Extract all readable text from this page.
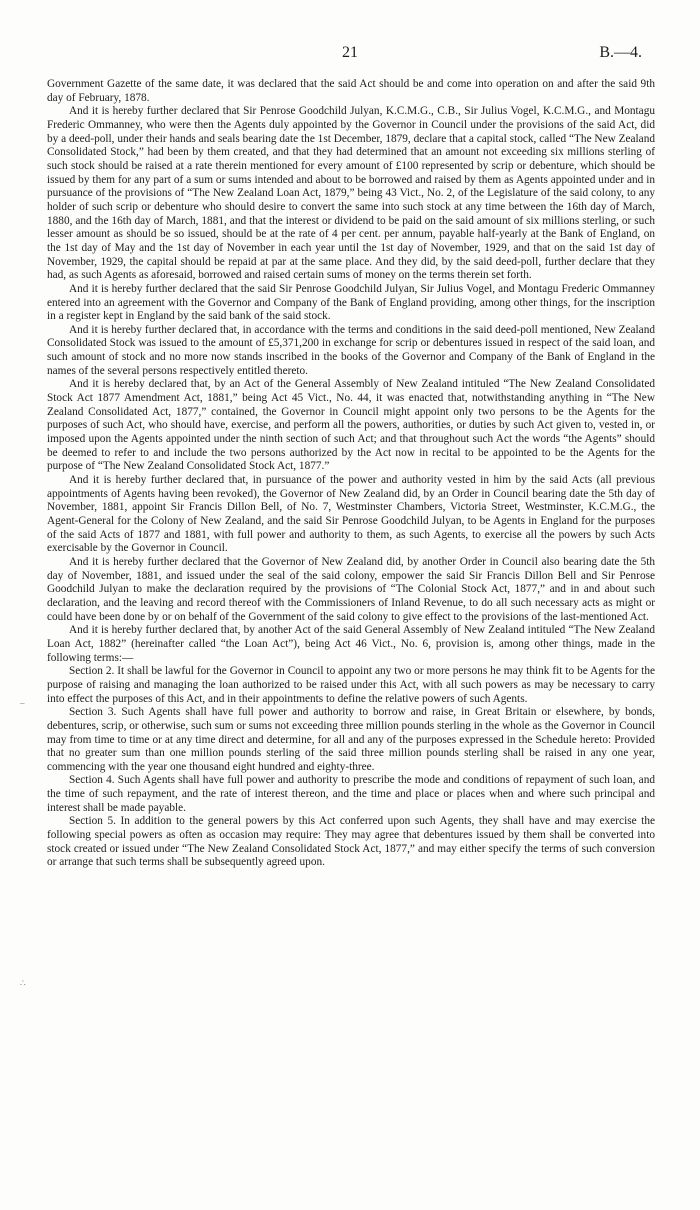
21	B.—4.

Government Gazette of the same date, it was declared that the said Act should be and come into operation on and after the said 9th day of February, 1878.

And it is hereby further declared that Sir Penrose Goodchild Julyan, K.C.M.G., C.B., Sir Julius Vogel, K.C.M.G., and Montagu Frederic Ommanney, who were then the Agents duly appointed by the Governor in Council under the provisions of the said Act, did by a deed-poll, under their hands and seals bearing date the 1st December, 1879, declare that a capital stock, called “The New Zealand Consolidated Stock,” had been by them created, and that they had determined that an amount not exceeding six millions sterling of such stock should be raised at a rate therein mentioned for every amount of £100 represented by scrip or debenture, which should be issued by them for any part of a sum or sums intended and about to be borrowed and raised by them as Agents appointed under and in pursuance of the provisions of “The New Zealand Loan Act, 1879,” being 43 Vict., No. 2, of the Legislature of the said colony, to any holder of such scrip or debenture who should desire to convert the same into such stock at any time between the 16th day of March, 1880, and the 16th day of March, 1881, and that the interest or dividend to be paid on the said amount of six millions sterling, or such lesser amount as should be so issued, should be at the rate of 4 per cent. per annum, payable half-yearly at the Bank of England, on the 1st day of May and the 1st day of November in each year until the 1st day of November, 1929, and that on the said 1st day of November, 1929, the capital should be repaid at par at the same place. And they did, by the said deed-poll, further declare that they had, as such Agents as aforesaid, borrowed and raised certain sums of money on the terms therein set forth.

And it is hereby further declared that the said Sir Penrose Goodchild Julyan, Sir Julius Vogel, and Montagu Frederic Ommanney entered into an agreement with the Governor and Company of the Bank of England providing, among other things, for the inscription in a register kept in England by the said bank of the said stock.

And it is hereby further declared that, in accordance with the terms and conditions in the said deed-poll mentioned, New Zealand Consolidated Stock was issued to the amount of £5,371,200 in exchange for scrip or debentures issued in respect of the said loan, and such amount of stock and no more now stands inscribed in the books of the Governor and Company of the Bank of England in the names of the several persons respectively entitled thereto.

And it is hereby declared that, by an Act of the General Assembly of New Zealand intituled “The New Zealand Consolidated Stock Act 1877 Amendment Act, 1881,” being Act 45 Vict., No. 44, it was enacted that, notwithstanding anything in “The New Zealand Consolidated Act, 1877,” contained, the Governor in Council might appoint only two persons to be the Agents for the purposes of such Act, who should have, exercise, and perform all the powers, authorities, or duties by such Act given to, vested in, or imposed upon the Agents appointed under the ninth section of such Act; and that throughout such Act the words “the Agents” should be deemed to refer to and include the two persons authorized by the Act now in recital to be appointed to be the Agents for the purpose of “The New Zealand Consolidated Stock Act, 1877.”

And it is hereby further declared that, in pursuance of the power and authority vested in him by the said Acts (all previous appointments of Agents having been revoked), the Governor of New Zealand did, by an Order in Council bearing date the 5th day of November, 1881, appoint Sir Francis Dillon Bell, of No. 7, Westminster Chambers, Victoria Street, Westminster, K.C.M.G., the Agent-General for the Colony of New Zealand, and the said Sir Penrose Goodchild Julyan, to be Agents in England for the purposes of the said Acts of 1877 and 1881, with full power and authority to them, as such Agents, to exercise all the powers by such Acts exercisable by the Governor in Council.

And it is hereby further declared that the Governor of New Zealand did, by another Order in Council also bearing date the 5th day of November, 1881, and issued under the seal of the said colony, empower the said Sir Francis Dillon Bell and Sir Penrose Goodchild Julyan to make the declaration required by the provisions of “The Colonial Stock Act, 1877,” and in and about such declaration, and the leaving and record thereof with the Commissioners of Inland Revenue, to do all such necessary acts as might or could have been done by or on behalf of the Government of the said colony to give effect to the provisions of the last-mentioned Act.

And it is hereby further declared that, by another Act of the said General Assembly of New Zealand intituled “The New Zealand Loan Act, 1882” (hereinafter called “the Loan Act”), being Act 46 Vict., No. 6, provision is, among other things, made in the following terms:—

Section 2. It shall be lawful for the Governor in Council to appoint any two or more persons he may think fit to be Agents for the purpose of raising and managing the loan authorized to be raised under this Act, with all such powers as may be necessary to carry into effect the purposes of this Act, and in their appointments to define the relative powers of such Agents.

Section 3. Such Agents shall have full power and authority to borrow and raise, in Great Britain or elsewhere, by bonds, debentures, scrip, or otherwise, such sum or sums not exceeding three million pounds sterling in the whole as the Governor in Council may from time to time or at any time direct and determine, for all and any of the purposes expressed in the Schedule hereto: Provided that no greater sum than one million pounds sterling of the said three million pounds sterling shall be raised in any one year, commencing with the year one thousand eight hundred and eighty-three.

Section 4. Such Agents shall have full power and authority to prescribe the mode and conditions of repayment of such loan, and the time of such repayment, and the rate of interest thereon, and the time and place or places when and where such principal and interest shall be made payable.

Section 5. In addition to the general powers by this Act conferred upon such Agents, they shall have and may exercise the following special powers as often as occasion may require: They may agree that debentures issued by them shall be converted into stock created or issued under “The New Zealand Consolidated Stock Act, 1877,” and may either specify the terms of such conversion or arrange that such terms shall be subsequently agreed upon.

–
∴
